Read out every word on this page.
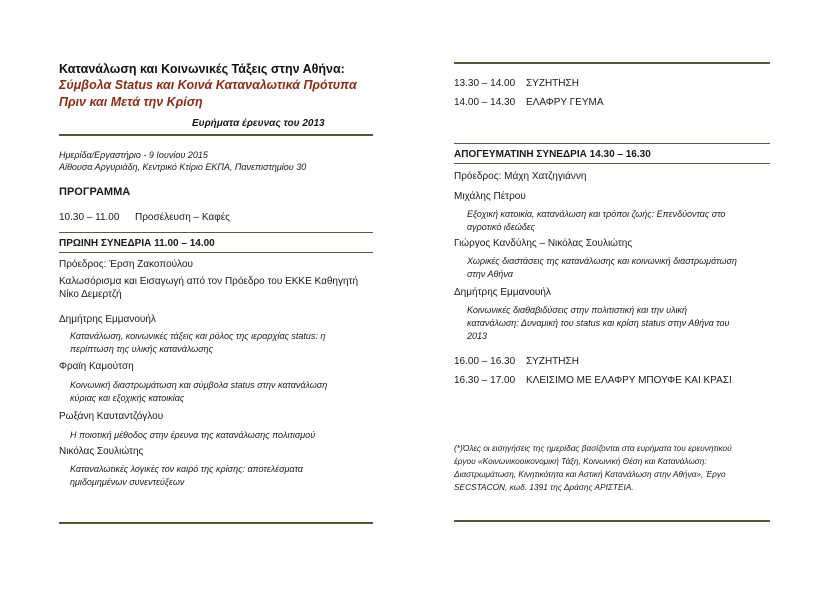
Κατανάλωση και Κοινωνικές Τάξεις στην Αθήνα:
Σύμβολα Status και Κοινά Καταναλωτικά Πρότυπα
Πριν και Μετά την Κρίση
Ευρήματα έρευνας του 2013
Ημερίδα/Εργαστήριο - 9 Ιουνίου 2015
Αίθουσα Αργυριάδη, Κεντρικό Κτίριο ΕΚΠΑ, Πανεπιστημίου 30
ΠΡΟΓΡΑΜΜΑ
10.30 – 11.00 Προσέλευση – Καφές
ΠΡΩΙΝΗ ΣΥΝΕΔΡΙΑ 11.00 – 14.00
Πρόεδρος: Έρση Ζακοπούλου
Καλωσόρισμα και Εισαγωγή από τον Πρόεδρο του ΕΚΚΕ Καθηγητή
Νίκο Δεμερτζή
Δημήτρης Εμμανουήλ
Κατανάλωση, κοινωνικές τάξεις και ρόλος της ιεραρχίας status: η
περίπτωση της υλικής κατανάλωσης
Φραϊη Καμούτση
Κοινωνική διαστρωμάτωση και σύμβολα status στην κατανάλωση
κύριας και εξοχικής κατοικίας
Ρωξάνη Καυταντζόγλου
Η ποιοτική μέθοδος στην έρευνα της κατανάλωσης πολιτισμού
Νικόλας Σουλιώτης
Καταναλωτικές λογικές τον καιρό της κρίσης: αποτελέσματα
ημιδομημένων συνεντεύξεων
13.30 – 14.00 ΣΥΖΗΤΗΣΗ
14.00 – 14.30 ΕΛΑΦΡΥ ΓΕΥΜΑ
ΑΠΟΓΕΥΜΑΤΙΝΗ ΣΥΝΕΔΡΙΑ 14.30 – 16.30
Πρόεδρος: Μάχη Χατζηγιάννη
Μιχάλης Πέτρου
Εξοχική κατοικία, κατανάλωση και τρόποι ζωής: Επενδύοντας στο
αγροτικό ιδεώδες
Γιώργος Κανδύλης – Νικόλας Σουλιώτης
Χωρικές διαστάσεις της κατανάλωσης και κοινωνική διαστρωμάτωση
στην Αθήνα
Δημήτρης Εμμανουήλ
Κοινωνικές διαθαβιδύσεις στην πολιτιστική και την υλική
κατανάλωση: Δυναμική του status και κρίση status στην Αθήνα του
2013
16.00 – 16.30 ΣΥΖΗΤΗΣΗ
16.30 – 17.00 ΚΛΕΙΣΙΜΟ ΜΕ ΕΛΑΦΡΥ ΜΠΟΥΦΕ ΚΑΙ ΚΡΑΣΙ
(*)Όλες οι εισηγήσεις της ημερίδας βασίζονται στα ευρήματα του ερευνητικού
έργου «Κοινωνικοοικονομική Τάξη, Κοινωνική Θέση και Κατανάλωση:
Διαστρωμάτωση, Κινητικότητα και Αστική Κατανάλωση στην Αθήνα», Έργο
SECSTACON, κωδ. 1391 της Δράσης ΑΡΙΣΤΕΙΑ.
